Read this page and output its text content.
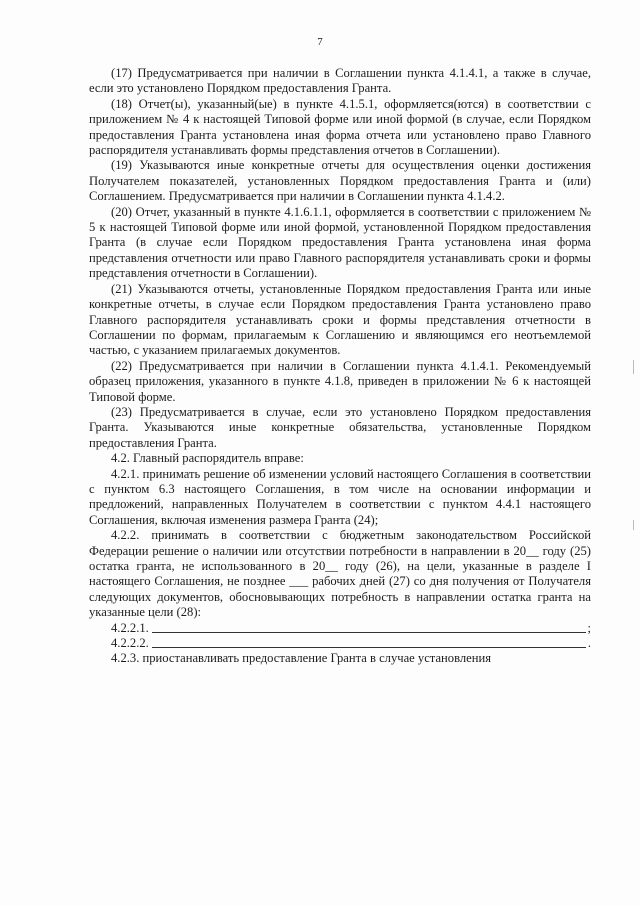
7

(17) Предусматривается при наличии в Соглашении пункта 4.1.4.1, а также в случае, если это установлено Порядком предоставления Гранта.

(18) Отчет(ы), указанный(ые) в пункте 4.1.5.1, оформляется(ются) в соответствии с приложением № 4 к настоящей Типовой форме или иной формой (в случае, если Порядком предоставления Гранта установлена иная форма отчета или установлено право Главного распорядителя устанавливать формы представления отчетов в Соглашении).

(19) Указываются иные конкретные отчеты для осуществления оценки достижения Получателем показателей, установленных Порядком предоставления Гранта и (или) Соглашением. Предусматривается при наличии в Соглашении пункта 4.1.4.2.

(20) Отчет, указанный в пункте 4.1.6.1.1, оформляется в соответствии с приложением № 5 к настоящей Типовой форме или иной формой, установленной Порядком предоставления Гранта (в случае если Порядком предоставления Гранта установлена иная форма представления отчетности или право Главного распорядителя устанавливать сроки и формы представления отчетности в Соглашении).

(21) Указываются отчеты, установленные Порядком предоставления Гранта или иные конкретные отчеты, в случае если Порядком предоставления Гранта установлено право Главного распорядителя устанавливать сроки и формы представления отчетности в Соглашении по формам, прилагаемым к Соглашению и являющимся его неотъемлемой частью, с указанием прилагаемых документов.

(22) Предусматривается при наличии в Соглашении пункта 4.1.4.1. Рекомендуемый образец приложения, указанного в пункте 4.1.8, приведен в приложении № 6 к настоящей Типовой форме.

(23) Предусматривается в случае, если это установлено Порядком предоставления Гранта. Указываются иные конкретные обязательства, установленные Порядком предоставления Гранта.

4.2. Главный распорядитель вправе:

4.2.1. принимать решение об изменении условий настоящего Соглашения в соответствии с пунктом 6.3 настоящего Соглашения, в том числе на основании информации и предложений, направленных Получателем в соответствии с пунктом 4.4.1 настоящего Соглашения, включая изменения размера Гранта (24);

4.2.2. принимать в соответствии с бюджетным законодательством Российской Федерации решение о наличии или отсутствии потребности в направлении в 20__ году (25) остатка гранта, не использованного в 20__ году (26), на цели, указанные в разделе I настоящего Соглашения, не позднее ___ рабочих дней (27) со дня получения от Получателя следующих документов, обосновывающих потребность в направлении остатка гранта на указанные цели (28):

4.2.2.1.	;
4.2.2.2.	.

4.2.3. приостанавливать предоставление Гранта в случае установления
